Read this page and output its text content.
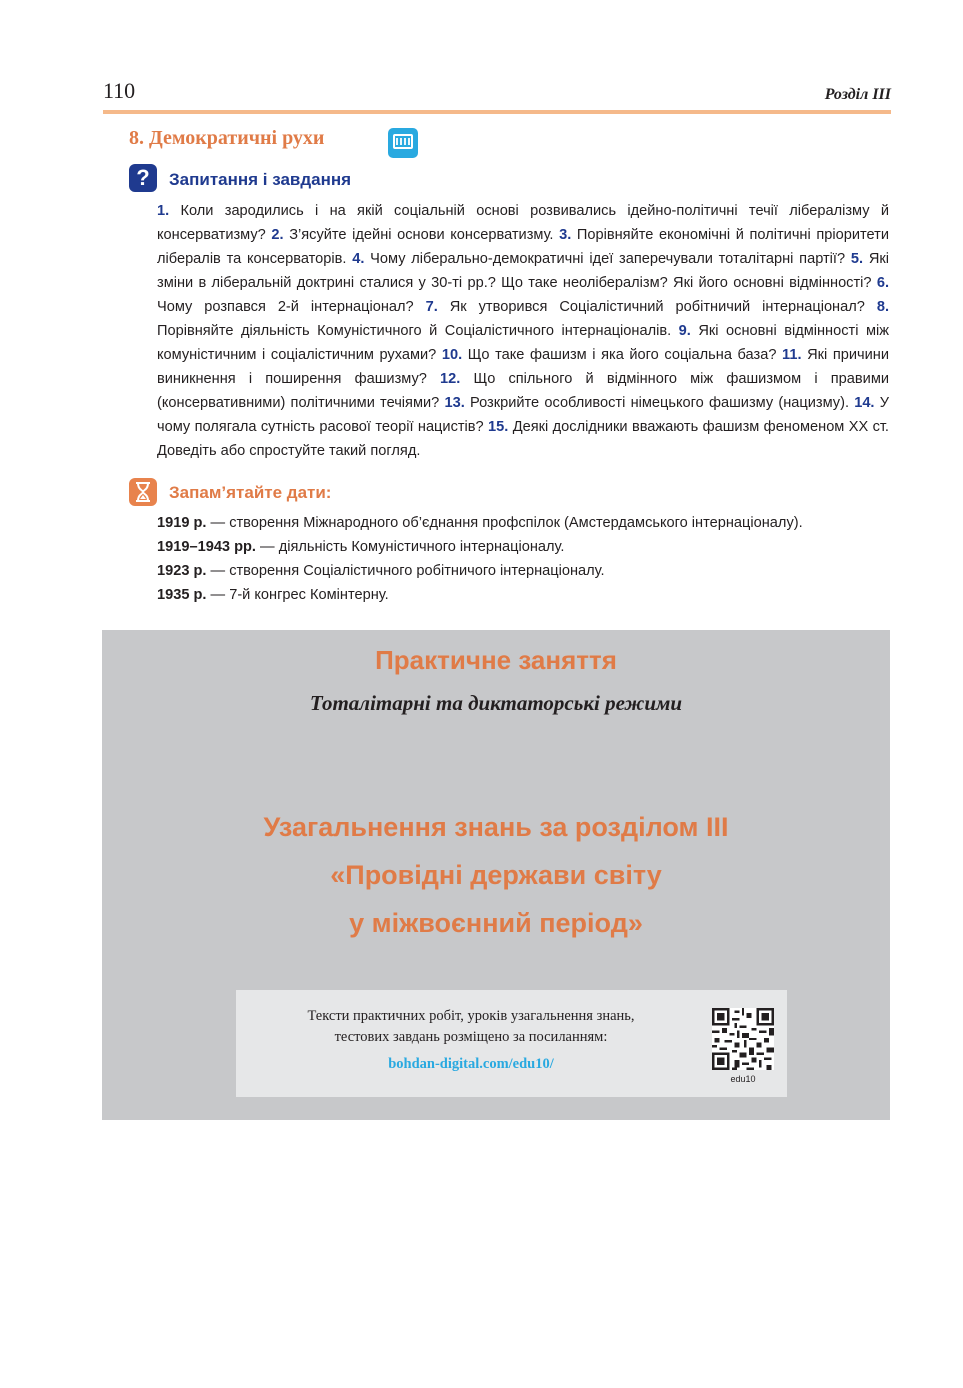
110	Розділ ІІІ
8. Демократичні рухи
?	Запитання і завдання
1. Коли зародились і на якій соціальній основі розвивались ідейно-політичні течії лібералізму й консерватизму? 2. З’ясуйте ідейні основи консерватизму. 3. Порівняйте економічні й політичні пріоритети лібералів та консерваторів. 4. Чому ліберально-демократичні ідеї заперечували тоталітарні партії? 5. Які зміни в ліберальній доктрині сталися у 30-ті рр.? Що таке неолібералізм? Які його основні відмінності? 6. Чому розпався 2-й інтернаціонал? 7. Як утворився Соціалістичний робітничий інтернаціонал? 8. Порівняйте діяльність Комуністичного й Соціалістичного інтернаціоналів. 9. Які основні відмінності між комуністичним і соціалістичним рухами? 10. Що таке фашизм і яка його соціальна база? 11. Які причини виникнення і поширення фашизму? 12. Що спільного й відмінного між фашизмом і правими (консервативними) політичними течіями? 13. Розкрийте особливості німецького фашизму (нацизму). 14. У чому полягала сутність расової теорії нацистів? 15. Деякі дослідники вважають фашизм феноменом XX ст. Доведіть або спростуйте такий погляд.
Запам’ятайте дати:
1919 р. — створення Міжнародного об’єднання профспілок (Амстердамського інтернаціоналу).
1919–1943 рр. — діяльність Комуністичного інтернаціоналу.
1923 р. — створення Соціалістичного робітничого інтернаціоналу.
1935 р. — 7-й конгрес Комінтерну.
Практичне заняття
Тоталітарні та диктаторські режими
Узагальнення знань за розділом ІІІ
«Провідні держави світу
у міжвоєнний період»
Тексти практичних робіт, уроків узагальнення знань,
тестових завдань розміщено за посиланням:
bohdan-digital.com/edu10/
edu10
